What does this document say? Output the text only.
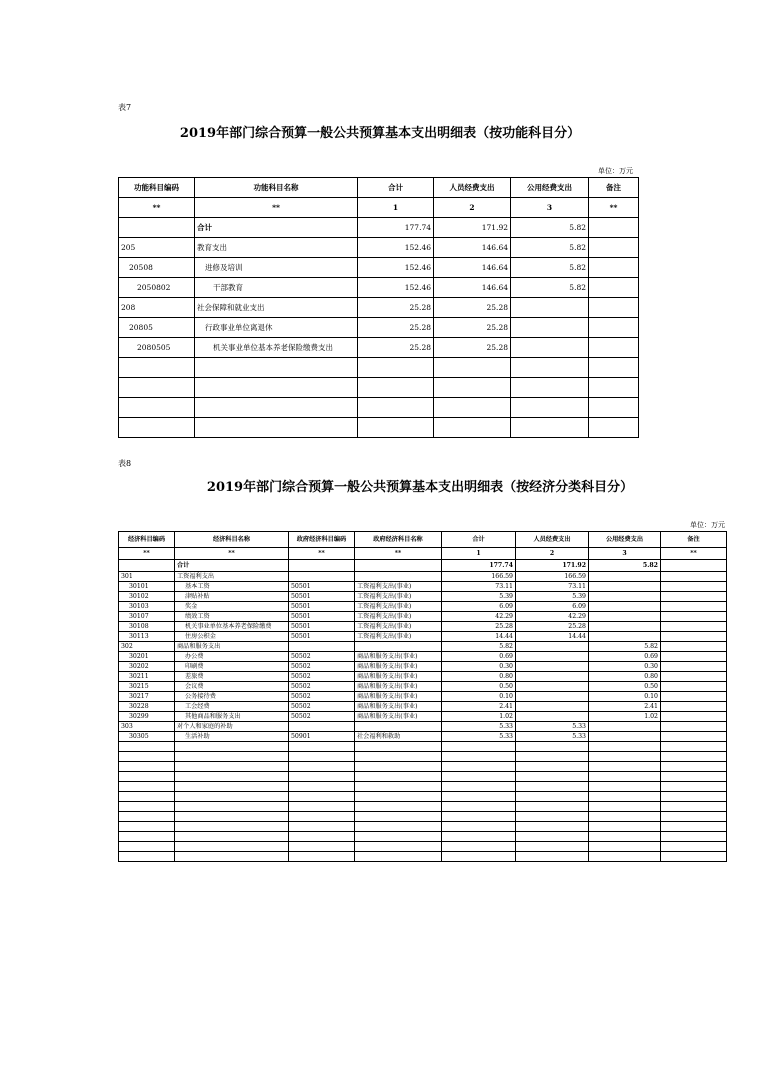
表7
2019年部门综合预算一般公共预算基本支出明细表（按功能科目分）
单位：万元
功能科目编码	功能科目名称	合计	人员经费支出	公用经费支出	备注
**	**	1	2	3	**
	合计	177.74	171.92	5.82	
205	教育支出	152.46	146.64	5.82	
20508	进修及培训	152.46	146.64	5.82	
2050802	干部教育	152.46	146.64	5.82	
208	社会保障和就业支出	25.28	25.28		
20805	行政事业单位离退休	25.28	25.28		
2080505	机关事业单位基本养老保险缴费支出	25.28	25.28		

表8
2019年部门综合预算一般公共预算基本支出明细表（按经济分类科目分）
单位：万元
经济科目编码	经济科目名称	政府经济科目编码	政府经济科目名称	合计	人员经费支出	公用经费支出	备注
**	**	**	**	1	2	3	**
	合计			177.74	171.92	5.82	
301	工资福利支出			166.59	166.59		
30101	基本工资	50501	工资福利支出(事业)	73.11	73.11		
30102	津贴补贴	50501	工资福利支出(事业)	5.39	5.39		
30103	奖金	50501	工资福利支出(事业)	6.09	6.09		
30107	绩效工资	50501	工资福利支出(事业)	42.29	42.29		
30108	机关事业单位基本养老保险缴费	50501	工资福利支出(事业)	25.28	25.28		
30113	住房公积金	50501	工资福利支出(事业)	14.44	14.44		
302	商品和服务支出			5.82		5.82	
30201	办公费	50502	商品和服务支出(事业)	0.69		0.69	
30202	印刷费	50502	商品和服务支出(事业)	0.30		0.30	
30211	差旅费	50502	商品和服务支出(事业)	0.80		0.80	
30215	会议费	50502	商品和服务支出(事业)	0.50		0.50	
30217	公务接待费	50502	商品和服务支出(事业)	0.10		0.10	
30228	工会经费	50502	商品和服务支出(事业)	2.41		2.41	
30299	其他商品和服务支出	50502	商品和服务支出(事业)	1.02		1.02	
303	对个人和家庭的补助			5.33	5.33		
30305	生活补助	50901	社会福利和救助	5.33	5.33		
